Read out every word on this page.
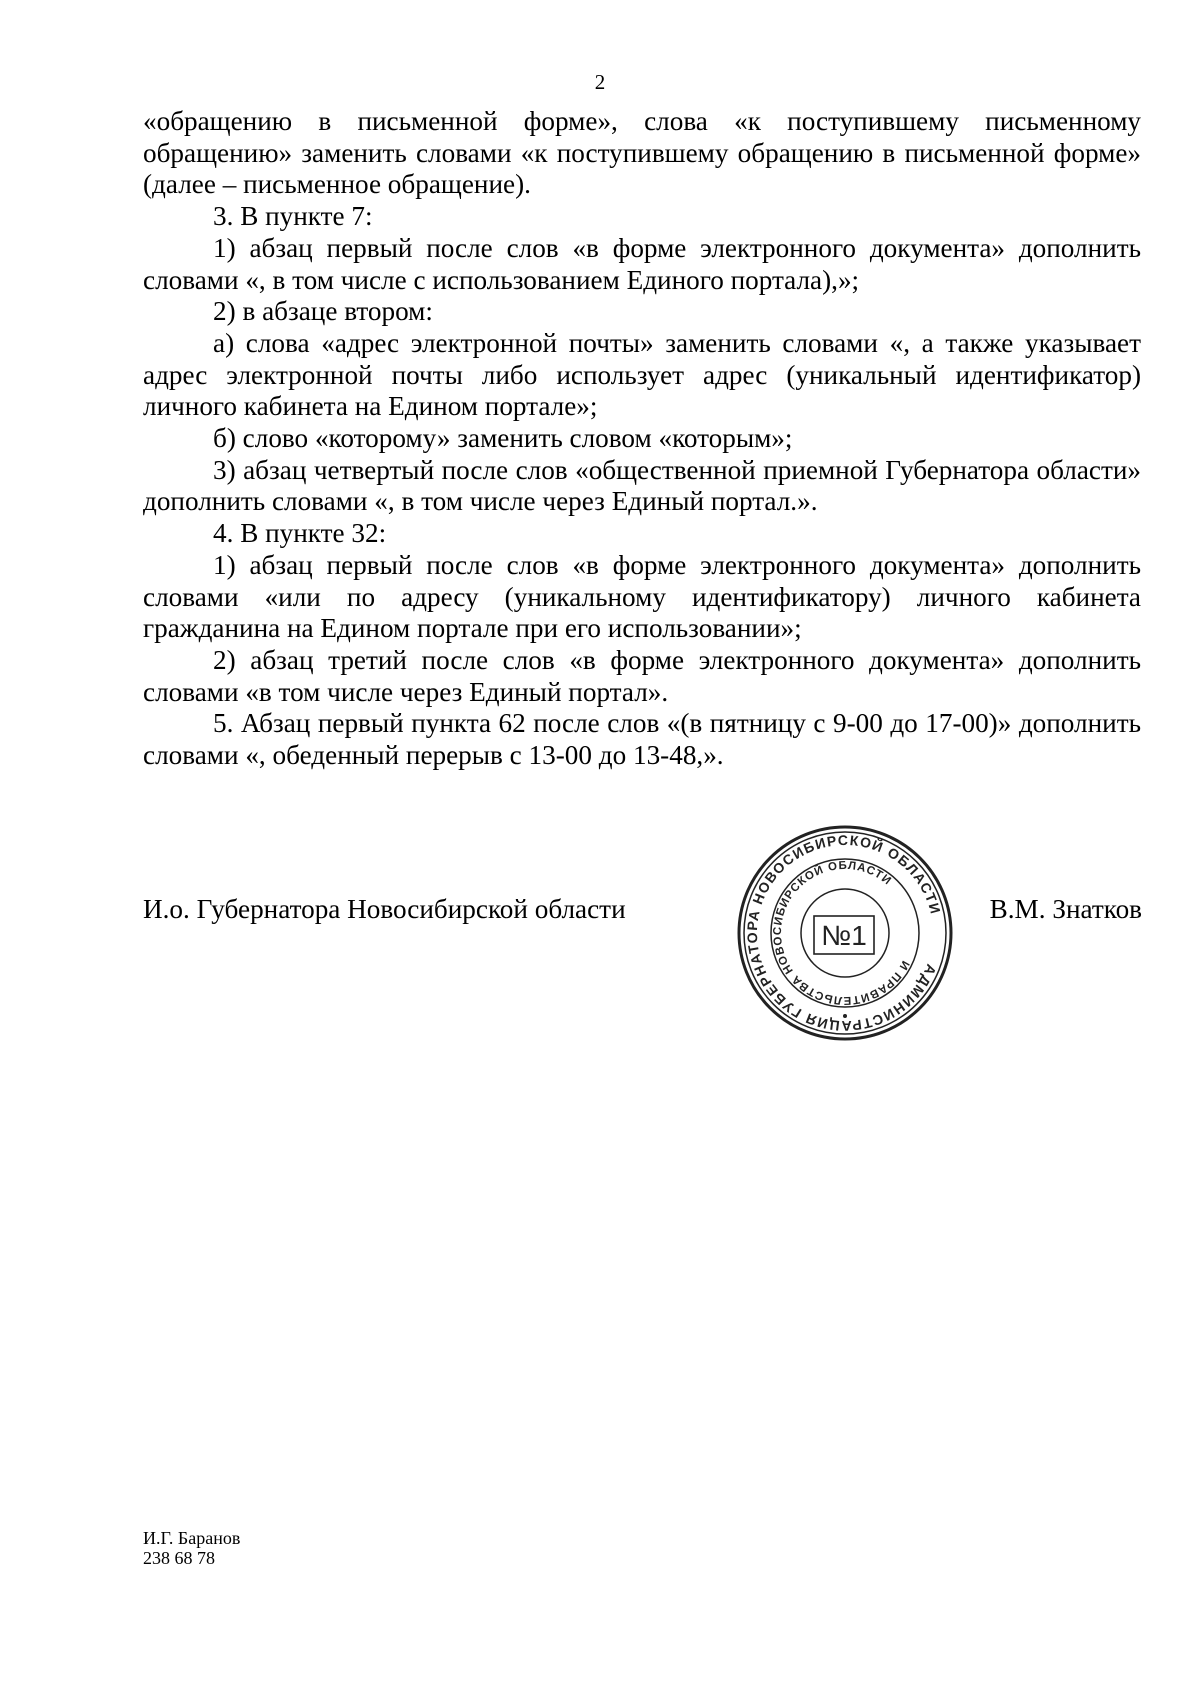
2

«обращению в письменной форме», слова «к поступившему письменному обращению» заменить словами «к поступившему обращению в письменной форме» (далее – письменное обращение).

3. В пункте 7:

1) абзац первый после слов «в форме электронного документа» дополнить словами «, в том числе с использованием Единого портала),»;

2) в абзаце втором:

а) слова «адрес электронной почты» заменить словами «, а также указывает адрес электронной почты либо использует адрес (уникальный идентификатор) личного кабинета на Едином портале»;

б) слово «которому» заменить словом «которым»;

3) абзац четвертый после слов «общественной приемной Губернатора области» дополнить словами «, в том числе через Единый портал.».

4. В пункте 32:

1) абзац первый после слов «в форме электронного документа» дополнить словами «или по адресу (уникальному идентификатору) личного кабинета гражданина на Едином портале при его использовании»;

2) абзац третий после слов «в форме электронного документа» дополнить словами «в том числе через Единый портал».

5. Абзац первый пункта 62 после слов «(в пятницу с 9-00 до 17-00)» дополнить словами «, обеденный перерыв с 13-00 до 13-48,».

И.о. Губернатора Новосибирской области	В.М. Знатков
АДМИНИСТРАЦИЯ ГУБЕРНАТОРА НОВОСИБИРСКОЙ ОБЛАСТИ
И ПРАВИТЕЛЬСТВА НОВОСИБИРСКОЙ ОБЛАСТИ
№1
И.Г. Баранов
238 68 78
